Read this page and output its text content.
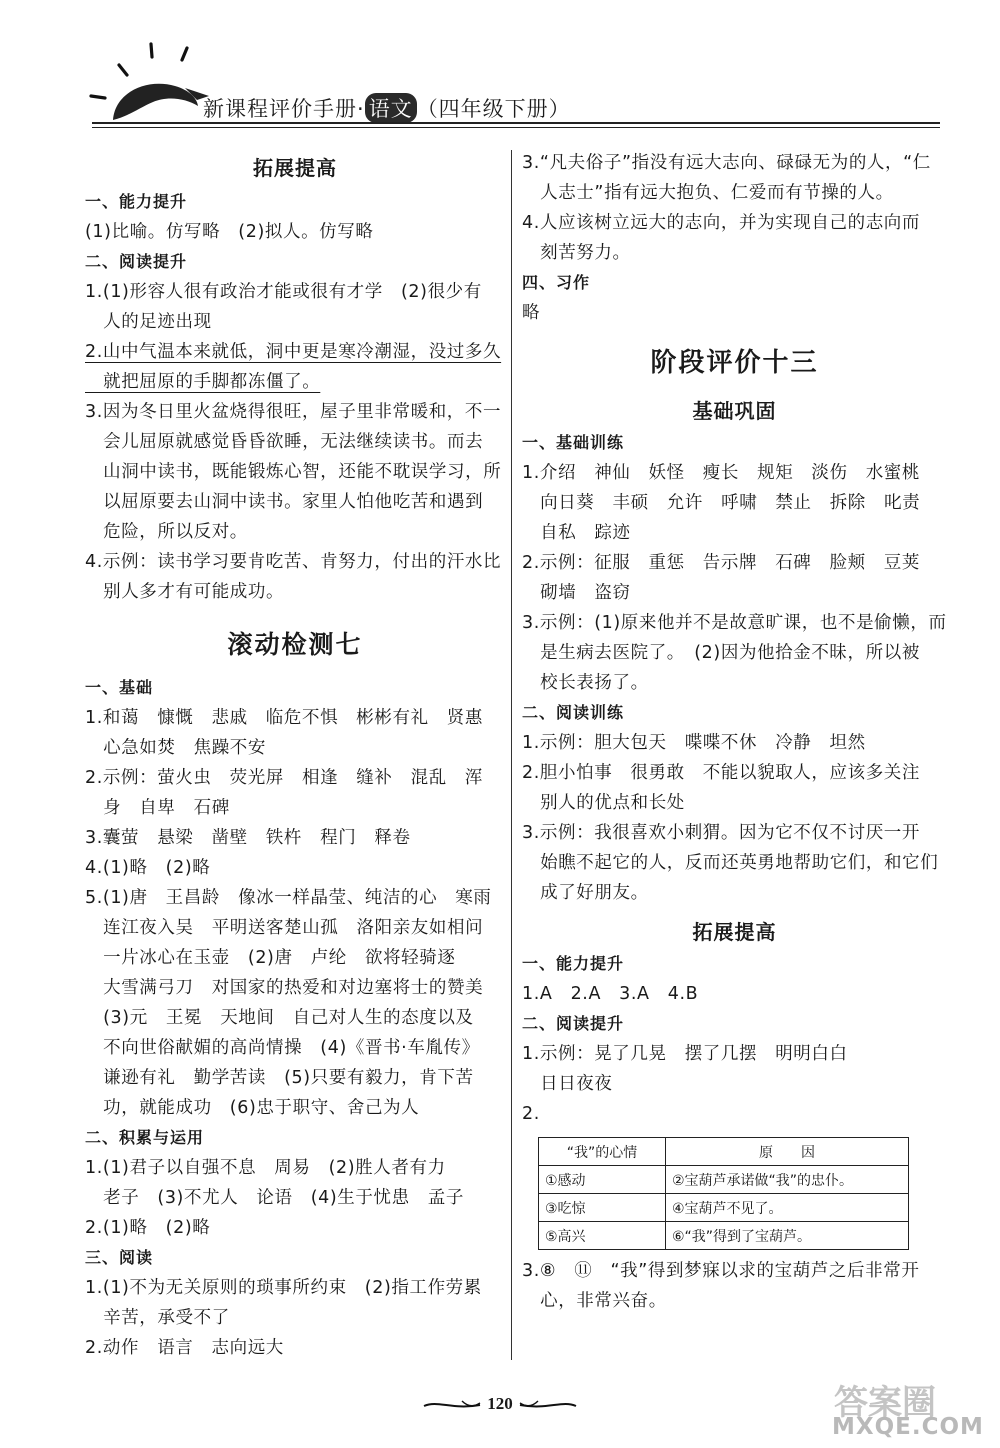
新课程评价手册· 语文 （四年级下册）
拓展提高
一、能力提升
(1)比喻。仿写略　(2)拟人。仿写略
二、阅读提升
1.(1)形容人很有政治才能或很有才学　(2)很少有
　人的足迹出现
2.山中气温本来就低，洞中更是寒冷潮湿，没过多久
　就把屈原的手脚都冻僵了。
3.因为冬日里火盆烧得很旺，屋子里非常暖和，不一
　会儿屈原就感觉昏昏欲睡，无法继续读书。而去
　山洞中读书，既能锻炼心智，还能不耽误学习，所
　以屈原要去山洞中读书。家里人怕他吃苦和遇到
　危险，所以反对。
4.示例：读书学习要肯吃苦、肯努力，付出的汗水比
　别人多才有可能成功。
滚动检测七
一、基础
1.和蔼　慷慨　悲戚　临危不惧　彬彬有礼　贤惠
　心急如焚　焦躁不安
2.示例：萤火虫　荧光屏　相逢　缝补　混乱　浑
　身　自卑　石碑
3.囊萤　悬梁　凿壁　铁杵　程门　释卷
4.(1)略　(2)略
5.(1)唐　王昌龄　像冰一样晶莹、纯洁的心　寒雨
　连江夜入吴　平明送客楚山孤　洛阳亲友如相问
　一片冰心在玉壶　(2)唐　卢纶　欲将轻骑逐
　大雪满弓刀　对国家的热爱和对边塞将士的赞美
　(3)元　王冕　天地间　自己对人生的态度以及
　不向世俗献媚的高尚情操　(4)《晋书·车胤传》
　谦逊有礼　勤学苦读　(5)只要有毅力，肯下苦
　功，就能成功　(6)忠于职守、舍己为人
二、积累与运用
1.(1)君子以自强不息　周易　(2)胜人者有力
　老子　(3)不尤人　论语　(4)生于忧患　孟子
2.(1)略　(2)略
三、阅读
1.(1)不为无关原则的琐事所约束　(2)指工作劳累
　辛苦，承受不了
2.动作　语言　志向远大
3.“凡夫俗子”指没有远大志向、碌碌无为的人，“仁
　人志士”指有远大抱负、仁爱而有节操的人。
4.人应该树立远大的志向，并为实现自己的志向而
　刻苦努力。
四、习作
略
阶段评价十三
基础巩固
一、基础训练
1.介绍　神仙　妖怪　瘦长　规矩　淡伤　水蜜桃
　向日葵　丰硕　允许　呼啸　禁止　拆除　叱责
　自私　踪迹
2.示例：征服　重惩　告示牌　石碑　脸颊　豆荚
　砌墙　盗窃
3.示例：(1)原来他并不是故意旷课，也不是偷懒，而
　是生病去医院了。　(2)因为他拾金不昧，所以被
　校长表扬了。
二、阅读训练
1.示例：胆大包天　喋喋不休　冷静　坦然
2.胆小怕事　很勇敢　不能以貌取人，应该多关注
　别人的优点和长处
3.示例：我很喜欢小刺猬。因为它不仅不讨厌一开
　始瞧不起它的人，反而还英勇地帮助它们，和它们
　成了好朋友。
拓展提高
一、能力提升
1.A　2.A　3.A　4.B
二、阅读提升
1.示例：晃了几晃　摆了几摆　明明白白
　日日夜夜
2.
“我”的心情	原　　因
①感动	②宝葫芦承诺做“我”的忠仆。
③吃惊	④宝葫芦不见了。
⑤高兴	⑥“我”得到了宝葫芦。
3.⑧　⑪　“我”得到梦寐以求的宝葫芦之后非常开
　心，非常兴奋。
120	答案圈
MXQE.COM
